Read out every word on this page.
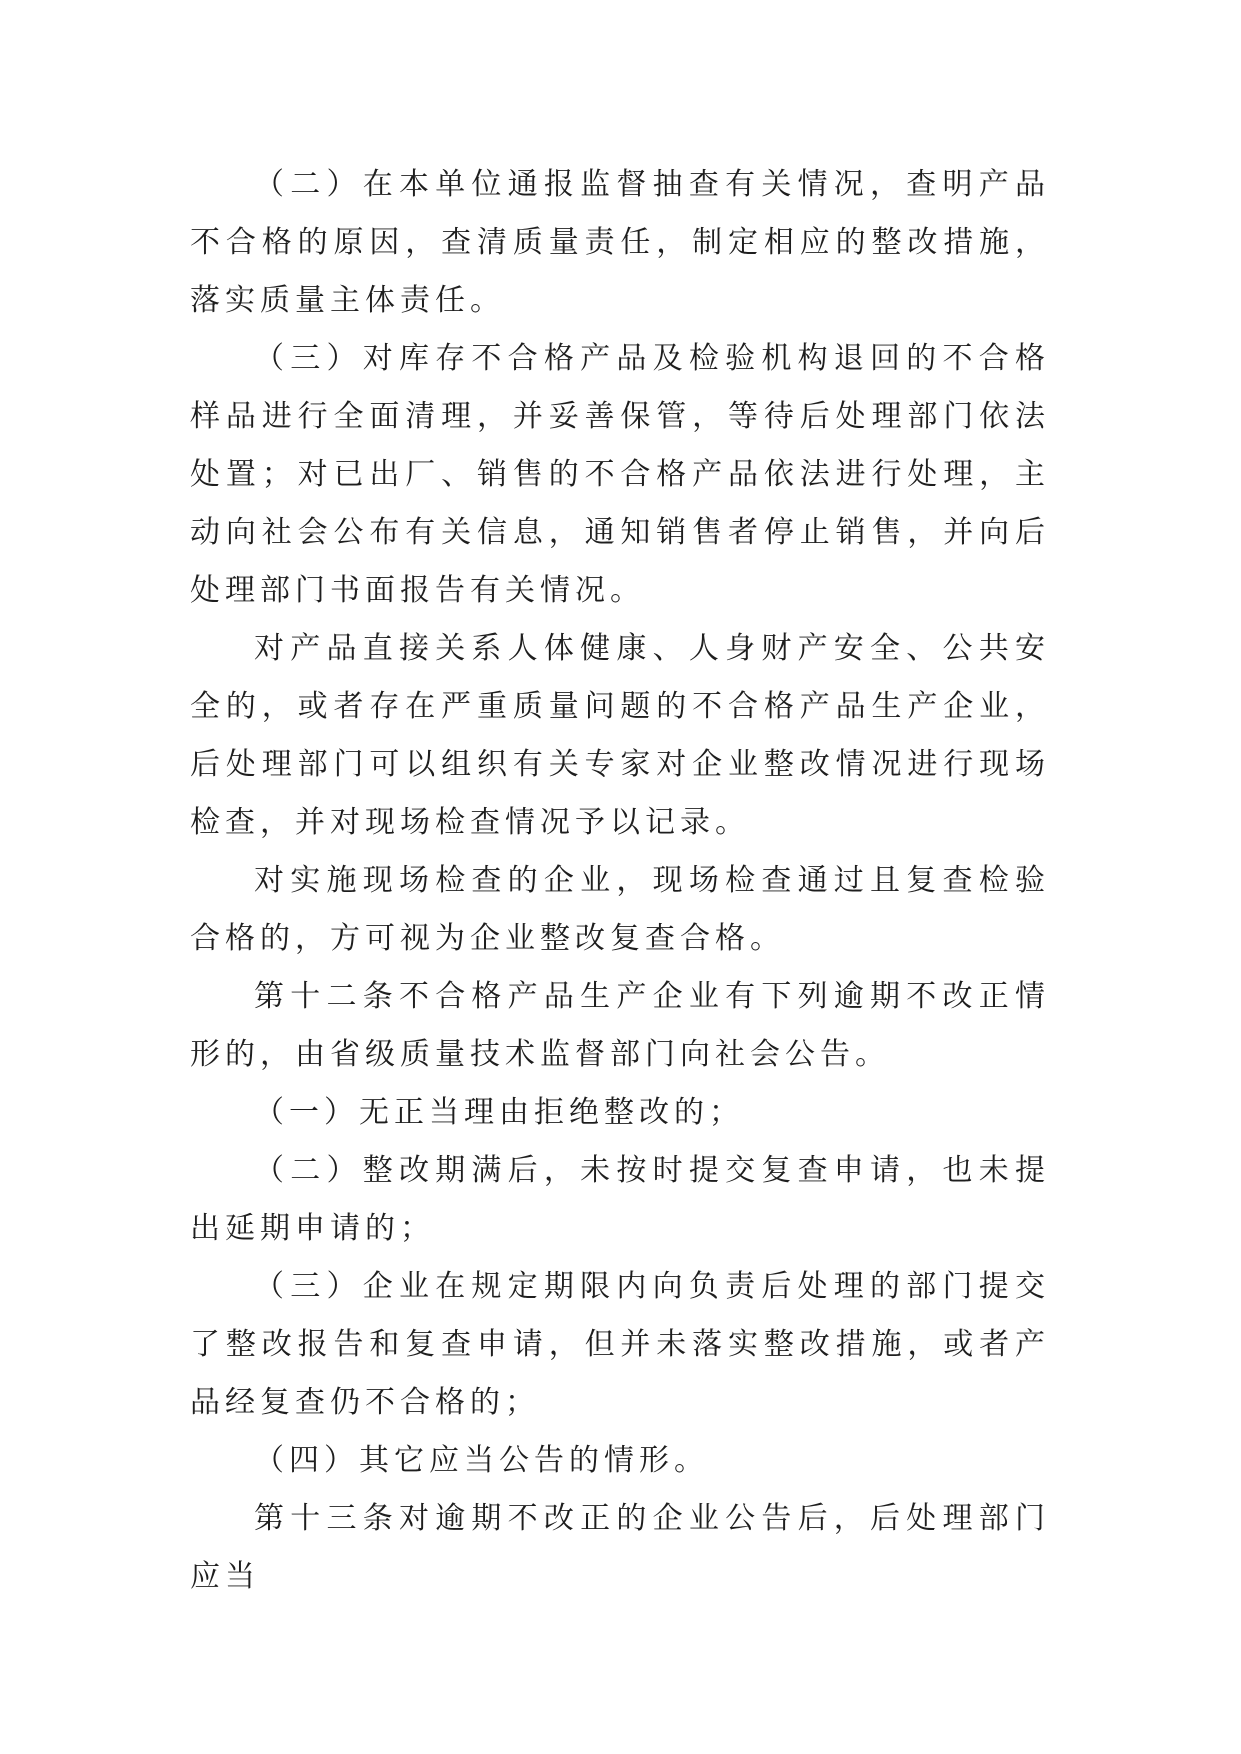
（二）在本单位通报监督抽查有关情况，查明产品不合格的原因，查清质量责任，制定相应的整改措施，落实质量主体责任。

（三）对库存不合格产品及检验机构退回的不合格样品进行全面清理，并妥善保管，等待后处理部门依法处置；对已出厂、销售的不合格产品依法进行处理，主动向社会公布有关信息，通知销售者停止销售，并向后处理部门书面报告有关情况。

对产品直接关系人体健康、人身财产安全、公共安全的，或者存在严重质量问题的不合格产品生产企业，后处理部门可以组织有关专家对企业整改情况进行现场检查，并对现场检查情况予以记录。

对实施现场检查的企业，现场检查通过且复查检验合格的，方可视为企业整改复查合格。

第十二条不合格产品生产企业有下列逾期不改正情形的，由省级质量技术监督部门向社会公告。

（一）无正当理由拒绝整改的；

（二）整改期满后，未按时提交复查申请，也未提出延期申请的；

（三）企业在规定期限内向负责后处理的部门提交了整改报告和复查申请，但并未落实整改措施，或者产品经复查仍不合格的；

（四）其它应当公告的情形。

第十三条对逾期不改正的企业公告后，后处理部门应当
